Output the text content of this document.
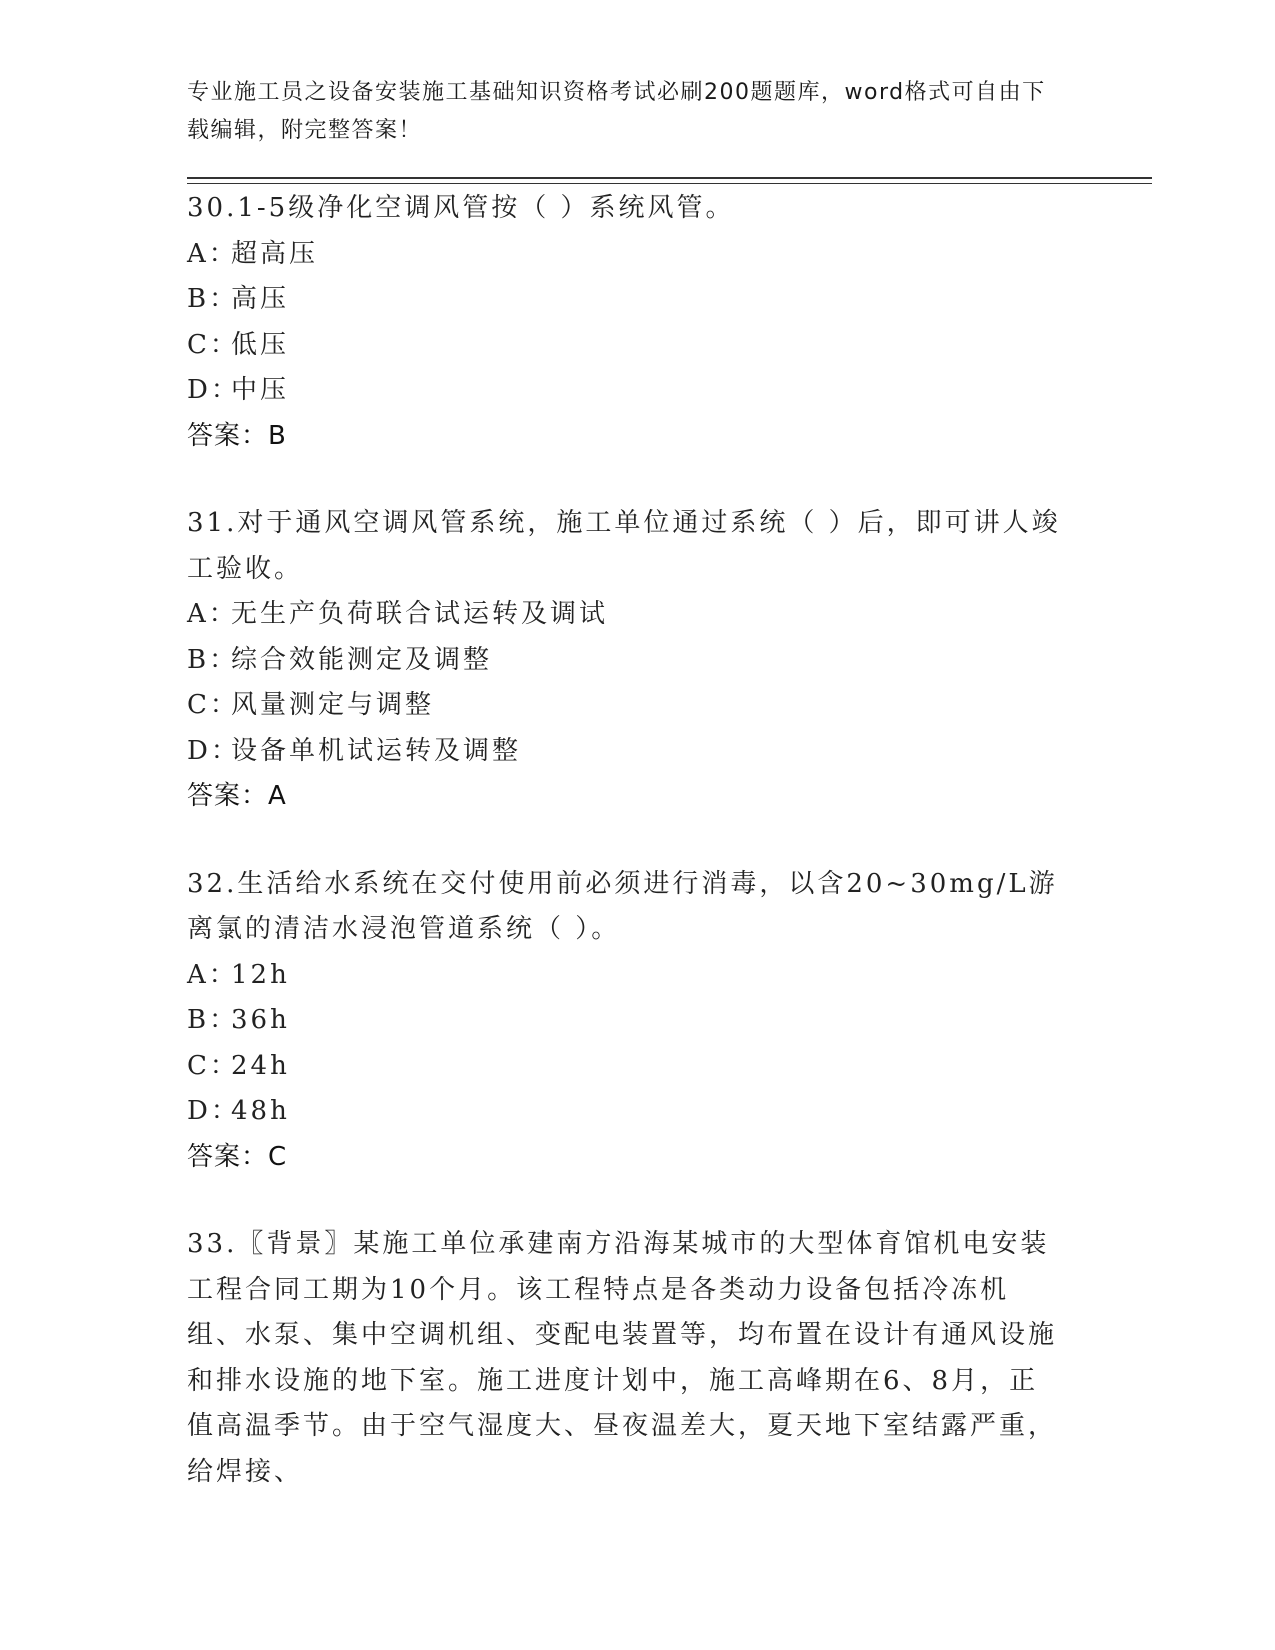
专业施工员之设备安装施工基础知识资格考试必刷200题题库，word格式可自由下载编辑，附完整答案！
30.1-5级净化空调风管按（ ）系统风管。
A：超高压
B：高压
C：低压
D：中压
答案：B
31.对于通风空调风管系统，施工单位通过系统（ ）后，即可讲人竣工验收。
A：无生产负荷联合试运转及调试
B：综合效能测定及调整
C：风量测定与调整
D：设备单机试运转及调整
答案：A
32.生活给水系统在交付使用前必须进行消毒，以含20~30mg/L游离氯的清洁水浸泡管道系统（ ）。
A：12h
B：36h
C：24h
D：48h
答案：C
33.〖背景〗某施工单位承建南方沿海某城市的大型体育馆机电安装工程合同工期为10个月。该工程特点是各类动力设备包括冷冻机组、水泵、集中空调机组、变配电装置等，均布置在设计有通风设施和排水设施的地下室。施工进度计划中，施工高峰期在6、8月，正值高温季节。由于空气湿度大、昼夜温差大，夏天地下室结露严重，给焊接、
